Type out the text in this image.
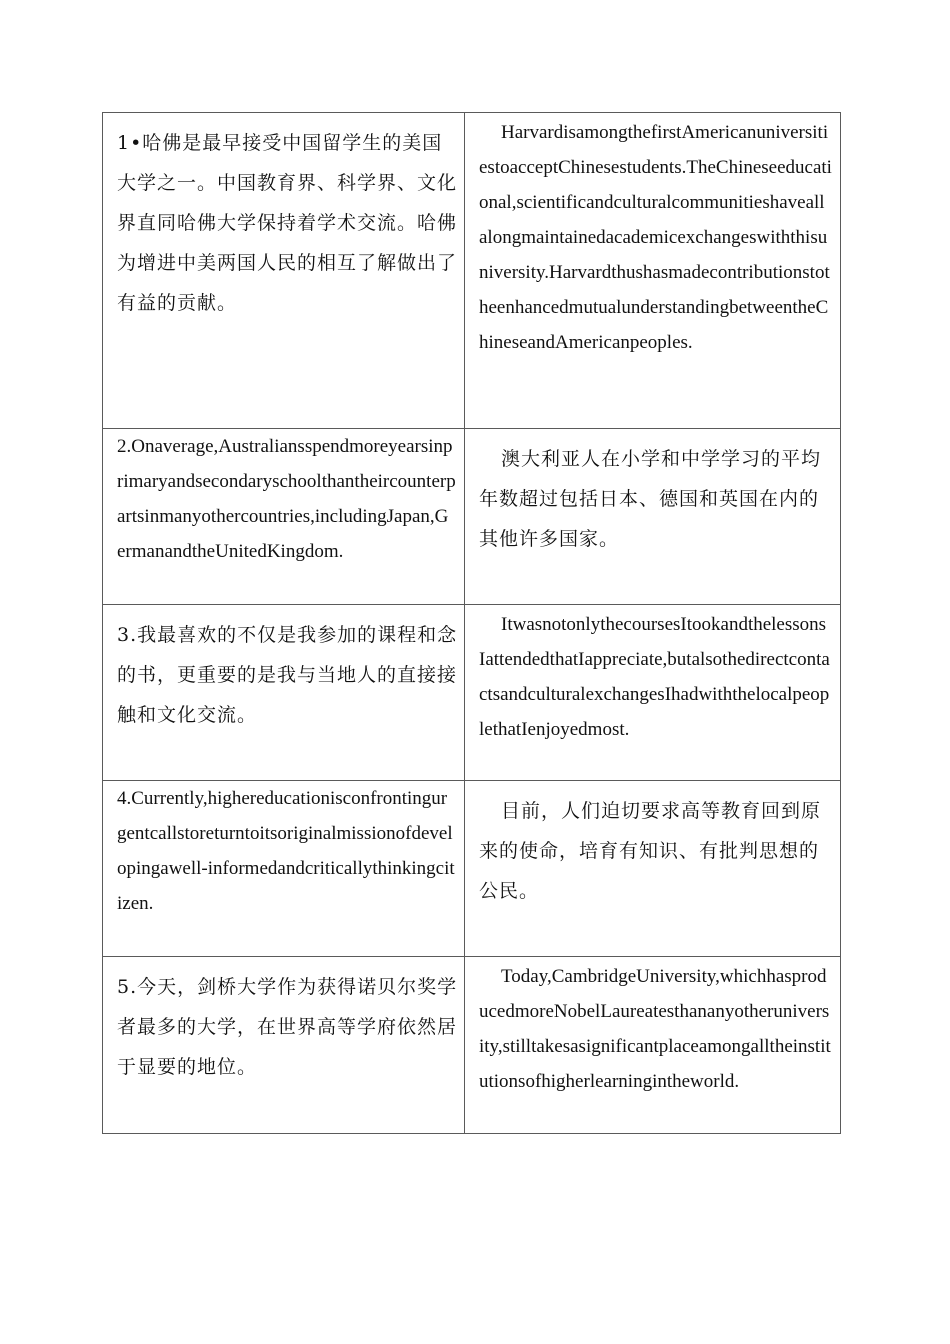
1•哈佛是最早接受中国留学生的美国大学之一。中国教育界、科学界、文化界直同哈佛大学保持着学术交流。哈佛为增进中美两国人民的相互了解做出了有益的贡献。	HarvardisamongthefirstAmericanuniversitiestoacceptChinesestudents.TheChineseeducational,scientificandculturalcommunitieshaveallalongmaintainedacademicexchangeswiththisuniversity.HarvardthushasmadecontributionstotheenhancedmutualunderstandingbetweentheChineseandAmericanpeoples.

2.Onaverage,Australiansspendmoreyearsinprimaryandsecondaryschoolthantheircounterpartsinmanyothercountries,includingJapan,GermanandtheUnitedKingdom.	澳大利亚人在小学和中学学习的平均年数超过包括日本、德国和英国在内的其他许多国家。

3.我最喜欢的不仅是我参加的课程和念的书，更重要的是我与当地人的直接接触和文化交流。	ItwasnotonlythecoursesItookandthelessonsIattendedthatIappreciate,butalsothedirectcontactsandculturalexchangesIhadwiththelocalpeoplethatIenjoyedmost.

4.Currently,highereducationisconfrontingurgentcallstoreturntoitsoriginalmissionofdevelopingawell-informedandcriticallythinkingcitizen.	目前，人们迫切要求高等教育回到原来的使命，培育有知识、有批判思想的公民。

5.今天，剑桥大学作为获得诺贝尔奖学者最多的大学，在世界高等学府依然居于显要的地位。	Today,CambridgeUniversity,whichhasproducedmoreNobelLaureatesthananyotheruniversity,stilltakesasignificantplaceamongalltheinstitutionsofhigherlearningintheworld.
